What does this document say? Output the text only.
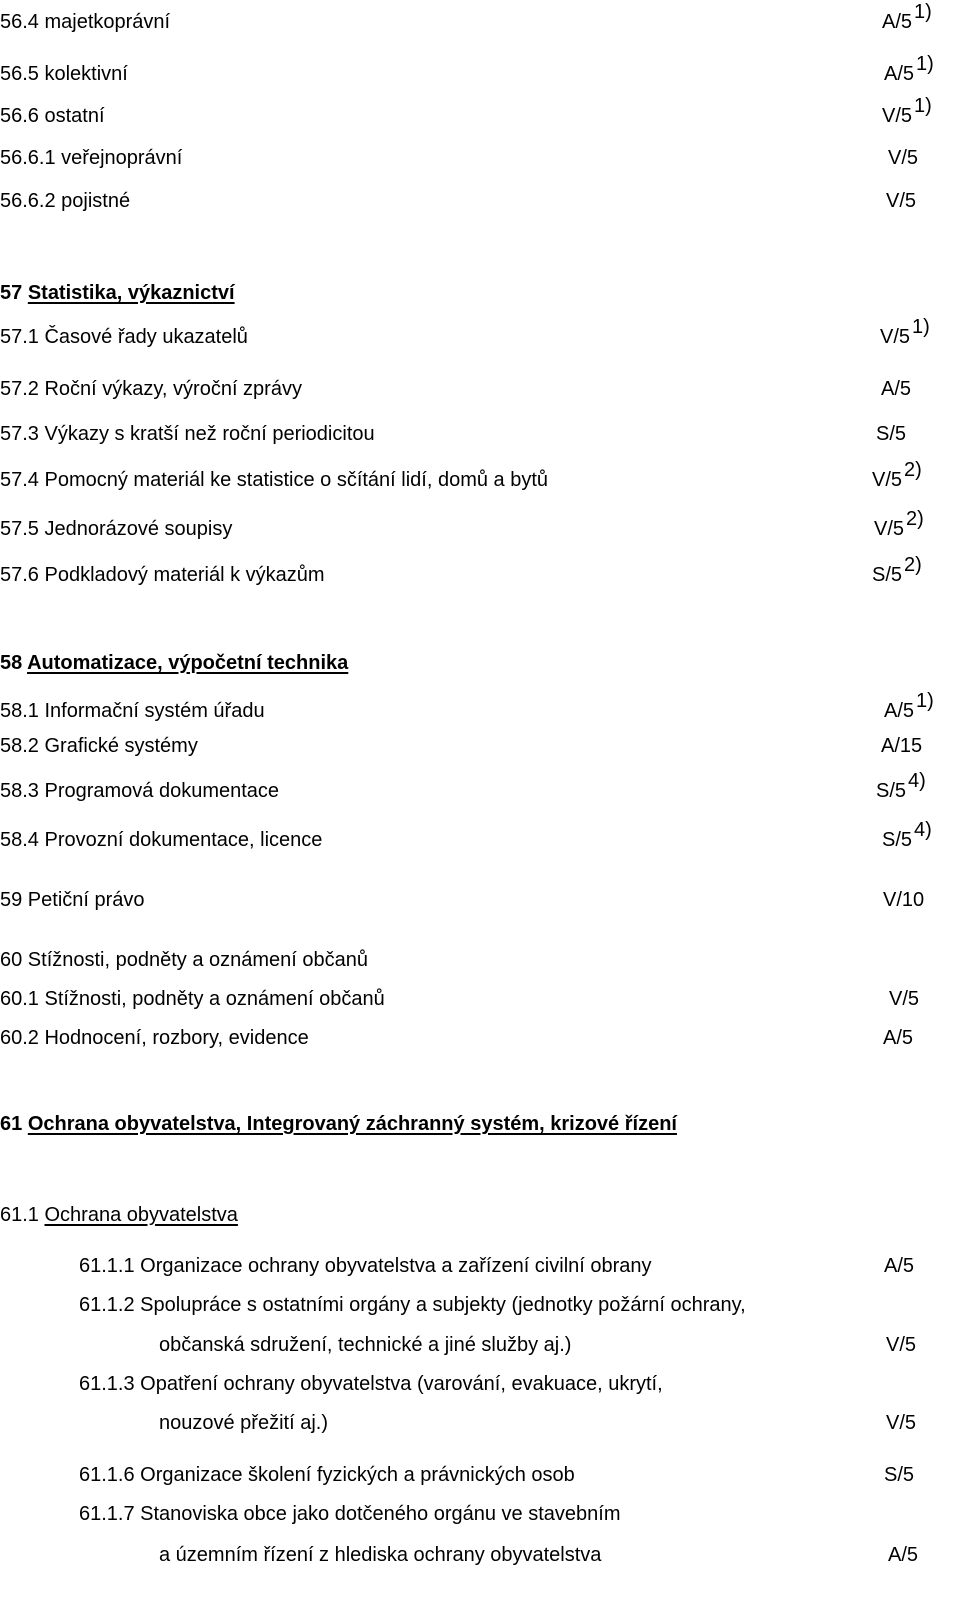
56.4 majetkoprávní	A/5 $^{1)}$
56.5 kolektivní	A/5 $^{1)}$
56.6 ostatní	V/5 $^{1)}$
56.6.1 veřejnoprávní	V/5
56.6.2 pojistné	V/5
57 Statistika, výkaznictví
57.1 Časové řady ukazatelů	V/5 $^{1)}$
57.2 Roční výkazy, výroční zprávy	A/5
57.3 Výkazy s kratší než roční periodicitou	S/5
57.4 Pomocný materiál ke statistice o sčítání lidí, domů a bytů	V/5 $^{2)}$
57.5 Jednorázové soupisy	V/5 $^{2)}$
57.6 Podkladový materiál k výkazům	S/5 $^{2)}$
58 Automatizace, výpočetní technika
58.1 Informační systém úřadu	A/5 $^{1)}$
58.2 Grafické systémy	A/15
58.3 Programová dokumentace	S/5 $^{4)}$
58.4 Provozní dokumentace, licence	S/5 $^{4)}$
59 Petiční právo	V/10
60 Stížnosti, podněty a oznámení občanů
60.1 Stížnosti, podněty a oznámení občanů	V/5
60.2 Hodnocení, rozbory, evidence	A/5
61 Ochrana obyvatelstva, Integrovaný záchranný systém, krizové řízení
61.1 Ochrana obyvatelstva
61.1.1 Organizace ochrany obyvatelstva a zařízení civilní obrany	A/5
61.1.2 Spolupráce s ostatními orgány a subjekty (jednotky požární ochrany,
občanská sdružení, technické a jiné služby aj.)	V/5
61.1.3 Opatření ochrany obyvatelstva (varování, evakuace, ukrytí,
nouzové přežití aj.)	V/5
61.1.6 Organizace školení fyzických a právnických osob	S/5
61.1.7 Stanoviska obce jako dotčeného orgánu ve stavebním
a územním řízení z hlediska ochrany obyvatelstva	A/5
